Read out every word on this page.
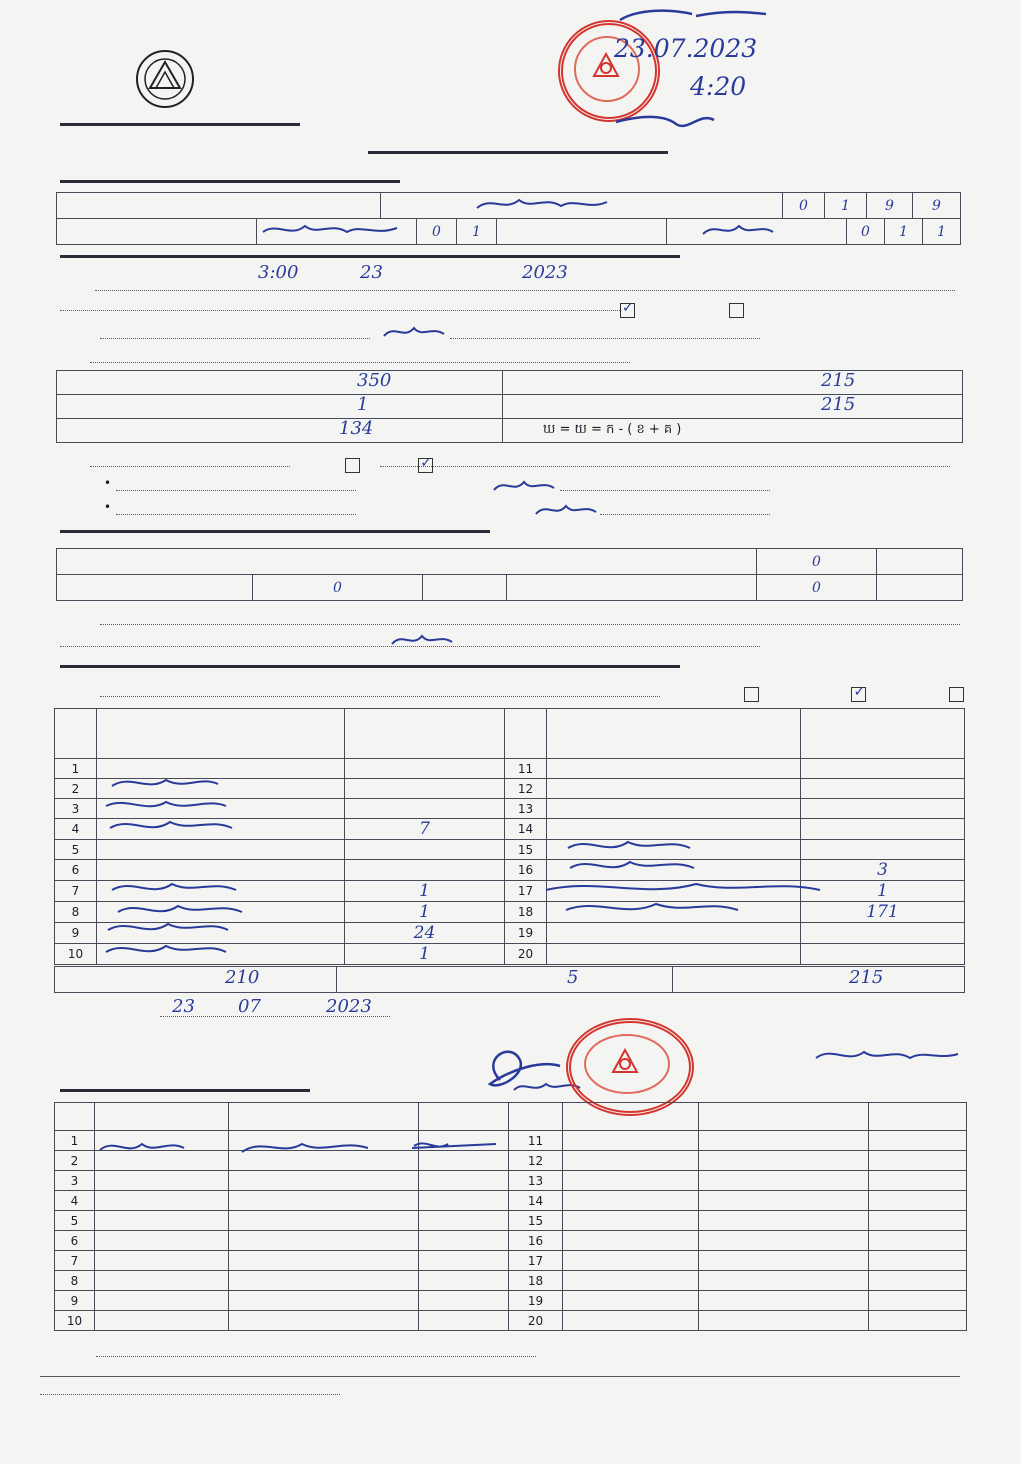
23.07.2023
4:20
		0	1	9	9
		0	1			0	1	1
3:00	23	2023
✓

350	215

1	215

134	ឃ = យ = ក - ( ខ + គ )

✓

•
•
				0	
	0			0	

✓

1			11		
2			12		
3			13		
4		7	14		
5			15		
6			16		3
7		1	17		1
8		1	18		171
9		24	19		
10		1	20		
210	5	215
23 07	2023

1				11			
2				12			
3				13			
4				14			
5				15			
6				16			
7				17			
8				18			
9				19			
10				20			
